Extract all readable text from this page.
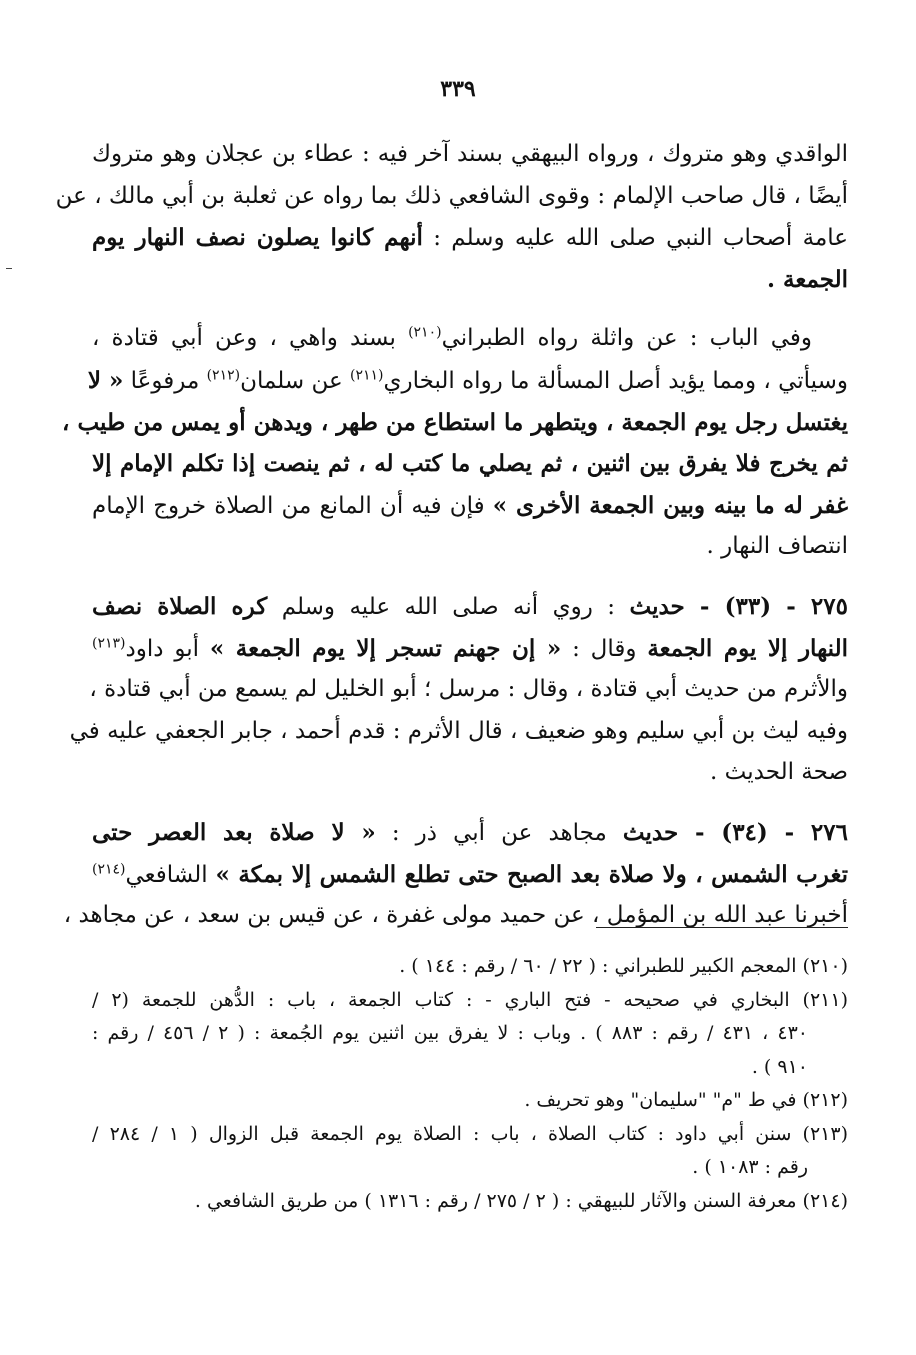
٣٣٩
الواقدي وهو متروك ، ورواه البيهقي بسند آخر فيه : عطاء بن عجلان وهو متروك
أيضًا ، قال صاحب الإلمام : وقوى الشافعي ذلك بما رواه عن ثعلبة بن أبي مالك ، عن
عامة أصحاب النبي صلى الله عليه وسلم : أنهم كانوا يصلون نصف النهار يوم
الجمعة .
وفي الباب : عن واثلة رواه الطبراني$^{(٢١٠)}$ بسند واهي ، وعن أبي قتادة ،
وسيأتي ، ومما يؤيد أصل المسألة ما رواه البخاري$^{(٢١١)}$ عن سلمان$^{(٢١٢)}$ مرفوعًا « لا
يغتسل رجل يوم الجمعة ، ويتطهر ما استطاع من طهر ، ويدهن أو يمس من طيب ،
ثم يخرج فلا يفرق بين اثنين ، ثم يصلي ما كتب له ، ثم ينصت إذا تكلم الإمام إلا
غفر له ما بينه وبين الجمعة الأخرى » فإن فيه أن المانع من الصلاة خروج الإمام
انتصاف النهار .
٢٧٥ - (٣٣) - حديث : روي أنه صلى الله عليه وسلم كره الصلاة نصف
النهار إلا يوم الجمعة وقال : « إن جهنم تسجر إلا يوم الجمعة » أبو داود$^{(٢١٣)}$
والأثرم من حديث أبي قتادة ، وقال : مرسل ؛ أبو الخليل لم يسمع من أبي قتادة ،
وفيه ليث بن أبي سليم وهو ضعيف ، قال الأثرم : قدم أحمد ، جابر الجعفي عليه في
صحة الحديث .
٢٧٦ - (٣٤) - حديث مجاهد عن أبي ذر : « لا صلاة بعد العصر حتى
تغرب الشمس ، ولا صلاة بعد الصبح حتى تطلع الشمس إلا بمكة » الشافعي$^{(٢١٤)}$
أخبرنا عبد الله بن المؤمل ، عن حميد مولى غفرة ، عن قيس بن سعد ، عن مجاهد ،
(٢١٠) المعجم الكبير للطبراني : ( ٢٢ / ٦٠ / رقم : ١٤٤ ) .
(٢١١) البخاري في صحيحه - فتح الباري - : كتاب الجمعة ، باب : الدُّهن للجمعة (٢ /
٤٣٠ ، ٤٣١ / رقم : ٨٨٣ ) . وباب : لا يفرق بين اثنين يوم الجُمعة : ( ٢ / ٤٥٦ / رقم :
٩١٠ ) .
(٢١٢) في ط "م" "سليمان" وهو تحريف .
(٢١٣) سنن أبي داود : كتاب الصلاة ، باب : الصلاة يوم الجمعة قبل الزوال ( ١ / ٢٨٤ /
رقم : ١٠٨٣ ) .
(٢١٤) معرفة السنن والآثار للبيهقي : ( ٢ / ٢٧٥ / رقم : ١٣١٦ ) من طريق الشافعي .
